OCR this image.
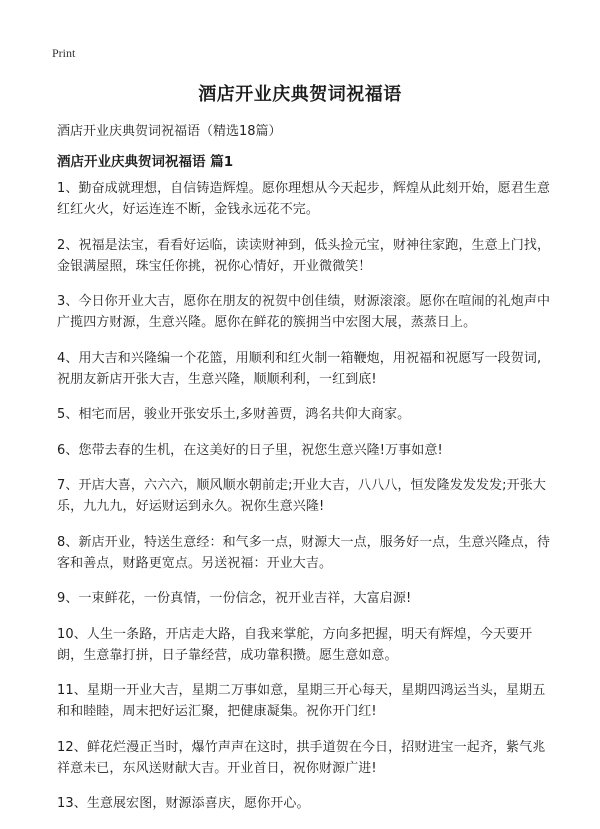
Print
酒店开业庆典贺词祝福语
酒店开业庆典贺词祝福语（精选18篇）
酒店开业庆典贺词祝福语 篇1

1、勤奋成就理想，自信铸造辉煌。愿你理想从今天起步，辉煌从此刻开始，愿君生意红红火火，好运连连不断，金钱永远花不完。

2、祝福是法宝，看看好运临，读读财神到，低头捡元宝，财神往家跑，生意上门找，金银满屋照，珠宝任你挑，祝你心情好，开业微微笑！

3、今日你开业大吉，愿你在朋友的祝贺中创佳绩，财源滚滚。愿你在喧闹的礼炮声中广揽四方财源，生意兴隆。愿你在鲜花的簇拥当中宏图大展，蒸蒸日上。

4、用大吉和兴隆编一个花篮，用顺利和红火制一箱鞭炮，用祝福和祝愿写一段贺词,祝朋友新店开张大吉，生意兴隆，顺顺利利，一红到底!

5、相宅而居，骏业开张安乐土,多财善贾，鸿名共仰大商家。

6、您带去春的生机，在这美好的日子里，祝您生意兴隆!万事如意!

7、开店大喜，六六六，顺风顺水朝前走;开业大吉，八八八，恒发隆发发发发;开张大乐，九九九，好运财运到永久。祝你生意兴隆!

8、新店开业，特送生意经：和气多一点，财源大一点，服务好一点，生意兴隆点，待客和善点，财路更宽点。另送祝福：开业大吉。

9、一束鲜花，一份真情，一份信念，祝开业吉祥，大富启源!

10、人生一条路，开店走大路，自我来掌舵，方向多把握，明天有辉煌，今天要开朗，生意靠打拼，日子靠经营，成功靠积攒。愿生意如意。

11、星期一开业大吉，星期二万事如意，星期三开心每天，星期四鸿运当头，星期五和和睦睦，周末把好运汇聚，把健康凝集。祝你开门红!

12、鲜花烂漫正当时，爆竹声声在这时，拱手道贺在今日，招财进宝一起齐，紫气兆祥意未已，东风送财献大吉。开业首日，祝你财源广进!

13、生意展宏图，财源添喜庆，愿你开心。
